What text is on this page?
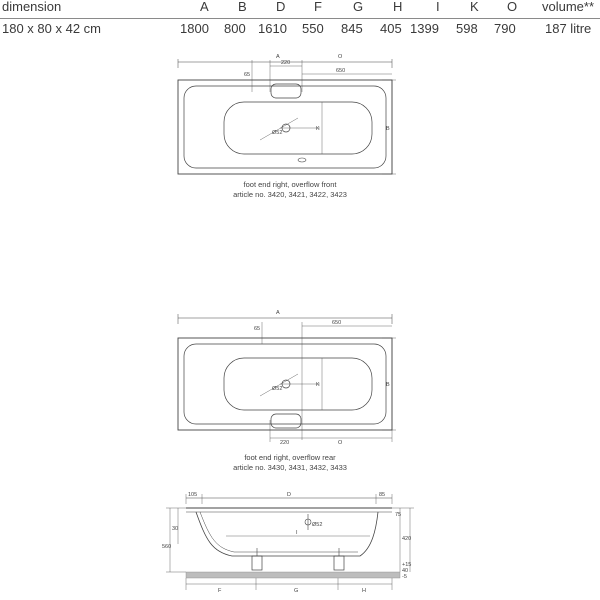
dimension	A B D F G H	I K O volume**
180 x 80 x 42 cm	1800 800 1610 550 845 405 1399 598 790 187 litre
A
220
O
650
65
Ø52
K	B
A
650
65
Ø52
K	B
220	O
105	D	85
75
30
560
420
Ø52
I
F	G	H
+15
40
-5
foot end right, overflow front
article no. 3420, 3421, 3422, 3423
foot end right, overflow rear
article no. 3430, 3431, 3432, 3433
